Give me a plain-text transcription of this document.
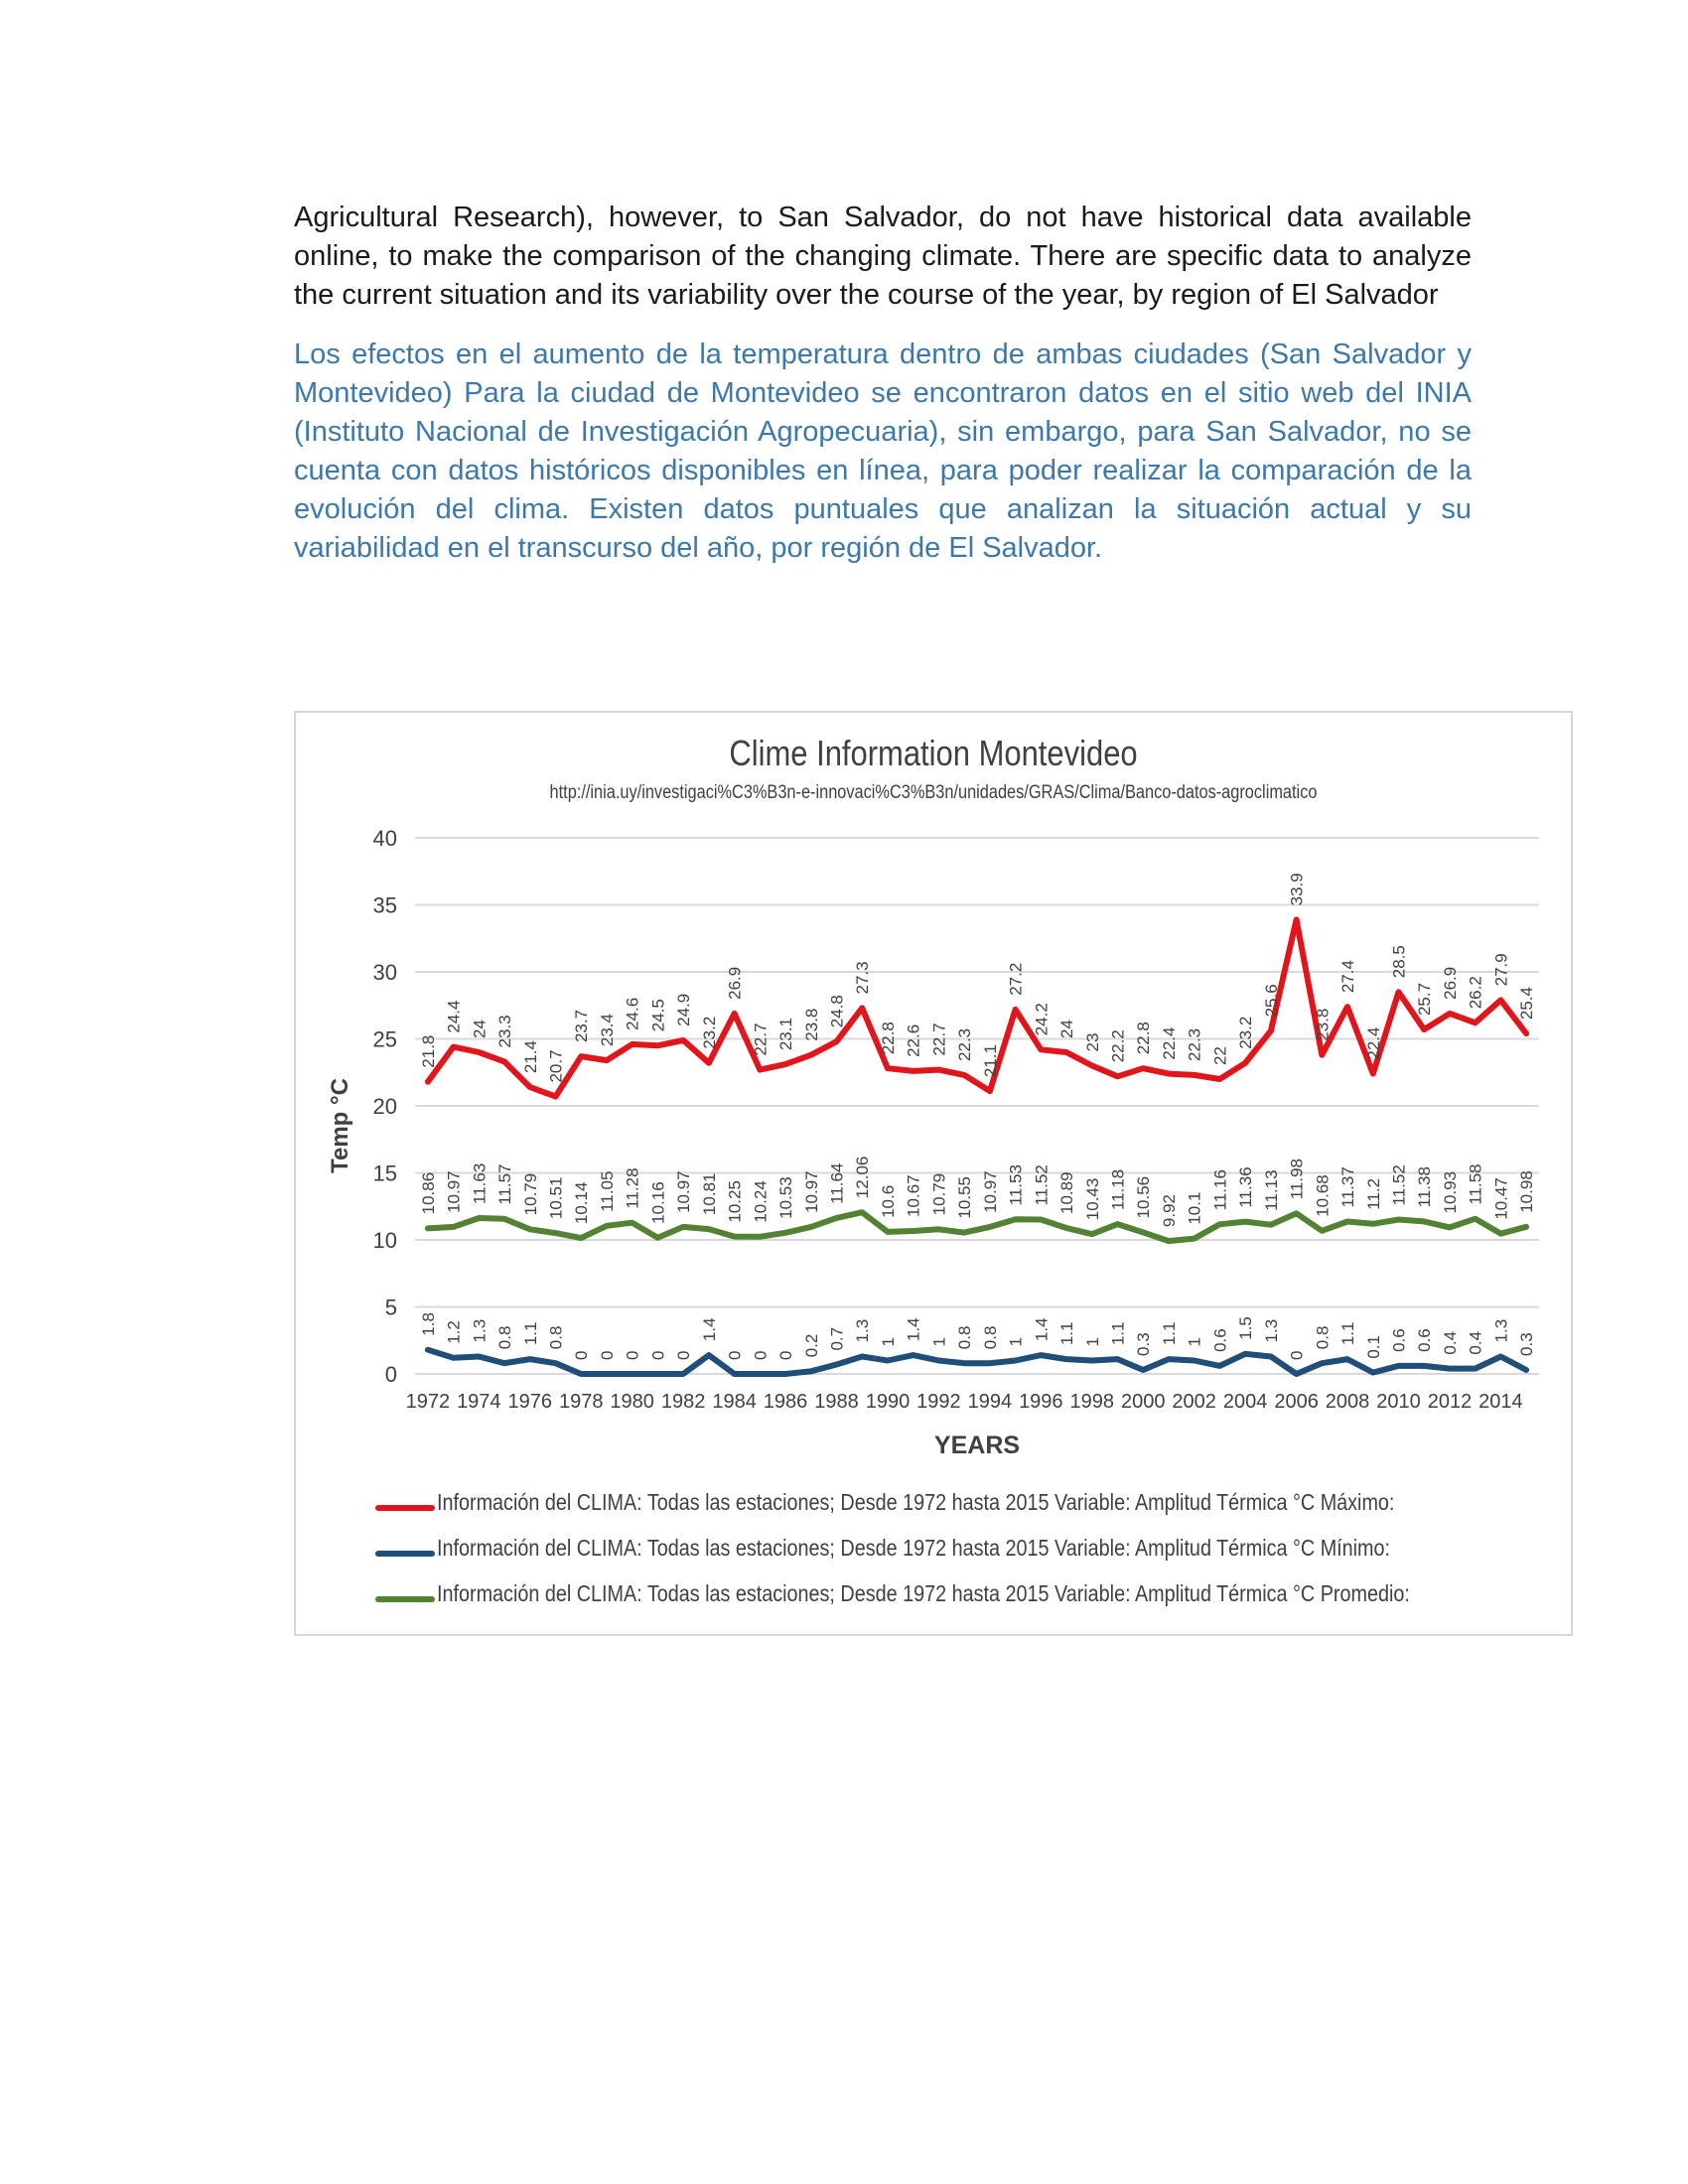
Agricultural Research), however, to San Salvador, do not have historical data available online, to make the comparison of the changing climate. There are specific data to analyze the current situation and its variability over the course of the year, by region of El Salvador

Los efectos en el aumento de la temperatura dentro de ambas ciudades (San Salvador y Montevideo) Para la ciudad de Montevideo se encontraron datos en el sitio web del INIA (Instituto Nacional de Investigación Agropecuaria), sin embargo, para San Salvador, no se cuenta con datos históricos disponibles en línea, para poder realizar la comparación de la evolución del clima. Existen datos puntuales que analizan la situación actual y su variabilidad en el transcurso del año, por región de El Salvador.

Clime Information Montevideo
http://inia.uy/investigaci%C3%B3n-e-innovaci%C3%B3n/unidades/GRAS/Clima/Banco-datos-agroclimatico
0
5
10
15
20
25
30
35
40
1972 1974 1976 1978 1980 1982 1984 1986 1988 1990 1992 1994 1996 1998 2000 2002 2004 2006 2008 2010 2012 2014
Temp °C
YEARS
21.8
24.4 24 23.3
21.4 20.7
23.7 23.4 24.6 24.5 24.9
23.2
26.9
22.7 23.1 23.8 24.8
27.3
22.8 22.6 22.7 22.3 21.1
27.2
24.2 24
23 22.2 22.8 22.4 22.3 22
23.2
25.6
33.9
23.8
27.4
22.4
28.5
25.7 26.9 26.2
27.9
25.4
1.8 1.2 1.3 0.8 1.1 0.8
0 0 0 0 0
1.4
0 0 0 0.2 0.7 1.3 1
1.4
1 0.8 0.8 1
1.4 1.1 1 1.1 0.3 1.1 1 0.6
1.5 1.3
0
0.8 1.1
0.1 0.6 0.6 0.4 0.4
1.3
0.3
10.86 10.97 11.63 11.57 10.79 10.51 10.14 11.05 11.28 10.16 10.97 10.81 10.25 10.24 10.53 10.97 11.64 12.06
10.6 10.67 10.79 10.55 10.97 11.53 11.52 10.89 10.43 11.18 10.56 9.92 10.1 11.16 11.36 11.13 11.98 10.68 11.37 11.2 11.52 11.38 10.93 11.58 10.47 10.98
Información del CLIMA: Todas las estaciones; Desde 1972 hasta 2015 Variable: Amplitud Térmica °C Máximo:
Información del CLIMA: Todas las estaciones; Desde 1972 hasta 2015 Variable: Amplitud Térmica °C Mínimo:
Información del CLIMA: Todas las estaciones; Desde 1972 hasta 2015 Variable: Amplitud Térmica °C Promedio:
